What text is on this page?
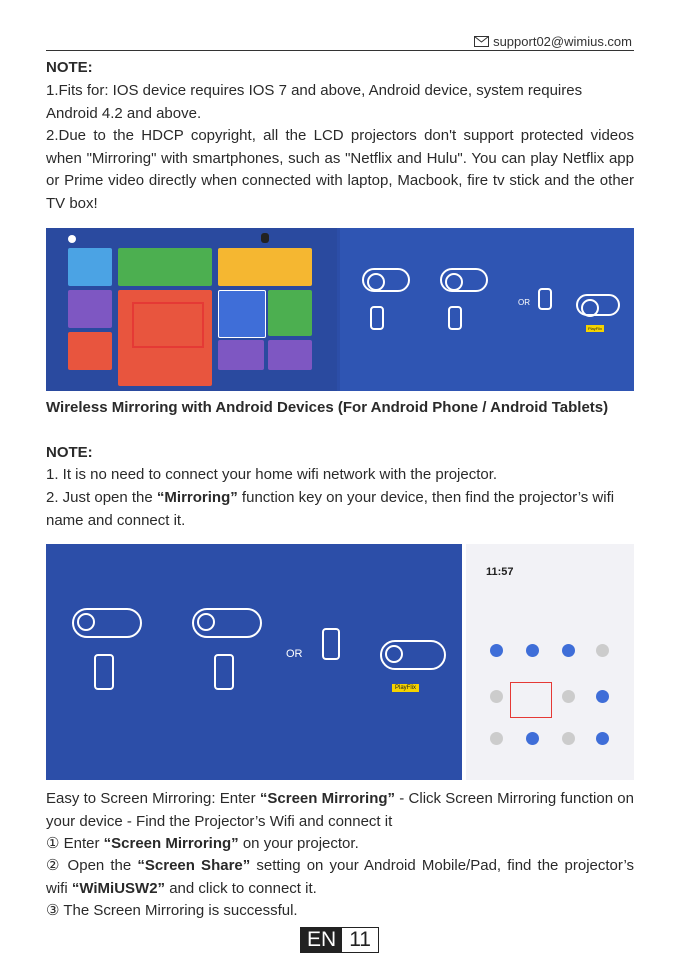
support02@wimius.com
NOTE:
1.Fits for: IOS device requires IOS 7 and above, Android device, system requires Android 4.2 and above.
2.Due to the HDCP copyright, all the LCD projectors don't support protected videos when "Mirroring" with smartphones, such as "Netflix and Hulu". You can play Netflix app or Prime video directly when connected with laptop, Macbook, fire tv stick and the other TV box!
OR
PlayFlix
Wireless Mirroring with Android Devices (For Android Phone / Android Tablets)
NOTE:
1. It is no need to connect your home wifi network with the projector.
2. Just open the “Mirroring” function key on your device, then find the projector’s wifi name and connect it.
OR
PlayFlix
11:57
Easy to Screen Mirroring: Enter “Screen Mirroring” - Click Screen Mirroring function on your device - Find the Projector’s Wifi and connect it
① Enter “Screen Mirroring” on your projector.
② Open the “Screen Share” setting on your Android Mobile/Pad, find the projector’s wifi “WiMiUSW2” and click to connect it.
③ The Screen Mirroring is successful.
EN 11
